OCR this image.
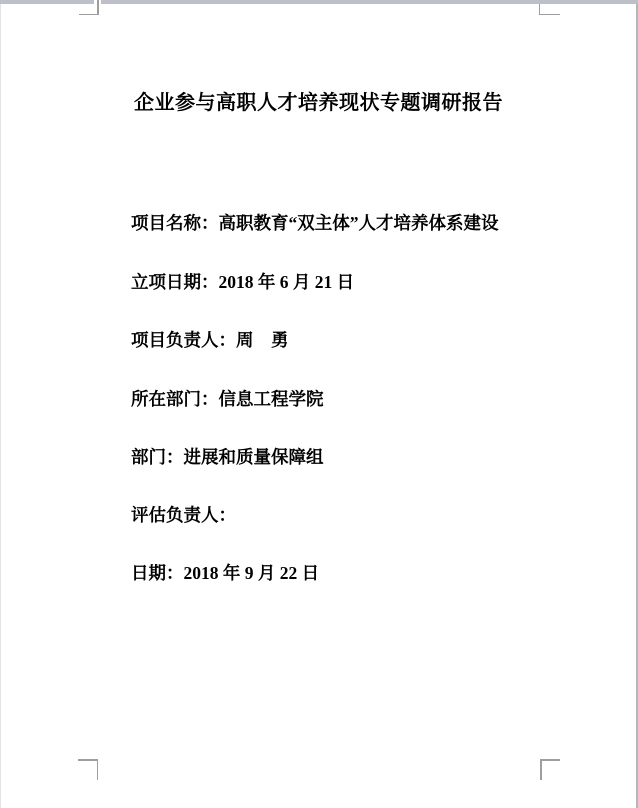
企业参与高职人才培养现状专题调研报告
项目名称：高职教育“双主体”人才培养体系建设
立项日期：2018 年 6 月 21 日
项目负责人：周　勇
所在部门：信息工程学院
部门：进展和质量保障组
评估负责人：
日期：2018 年 9 月 22 日
